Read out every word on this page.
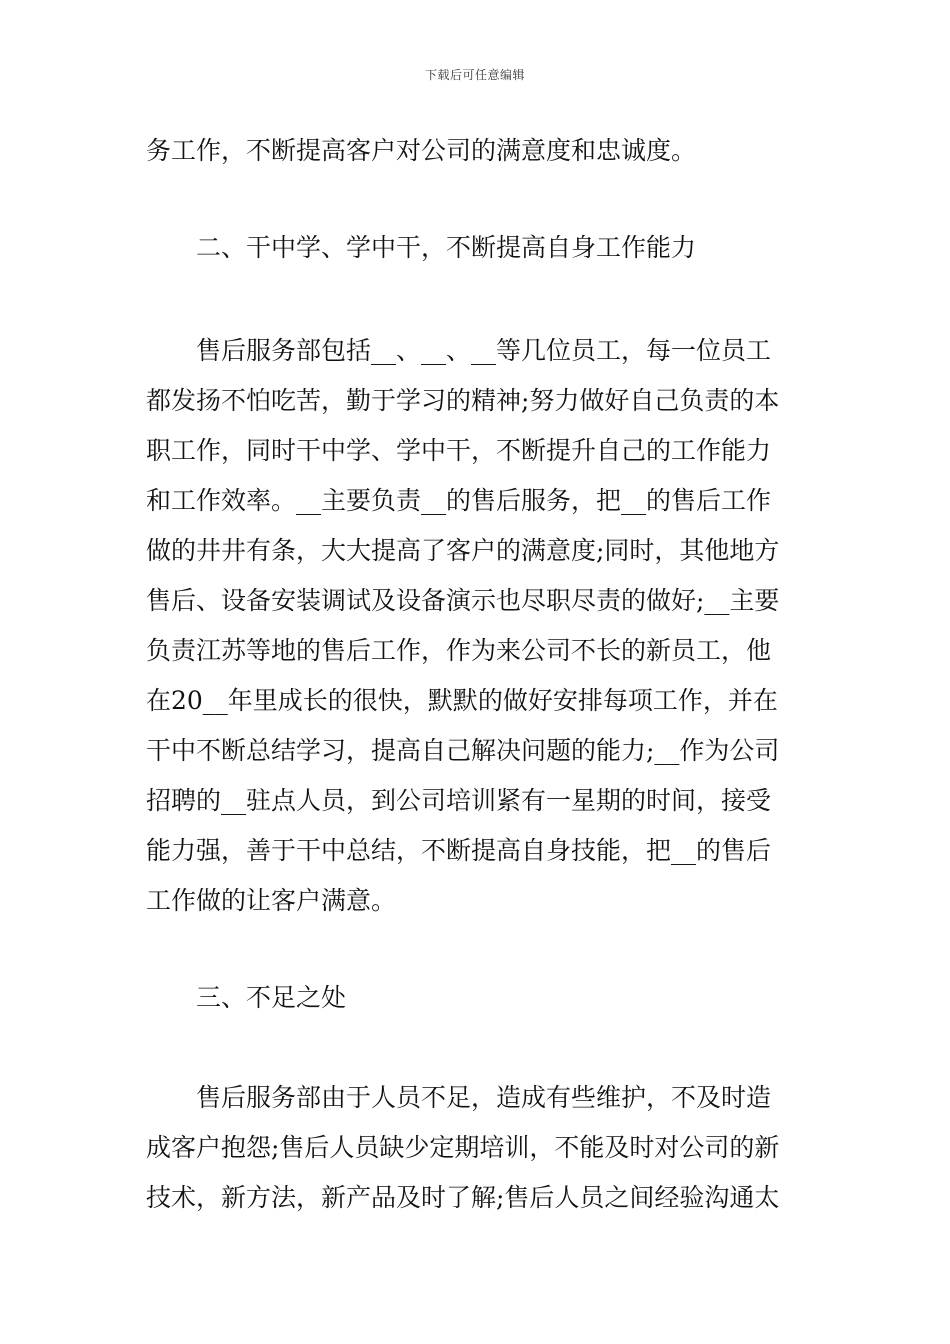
下载后可任意编辑
务工作，不断提高客户对公司的满意度和忠诚度。
二、干中学、学中干，不断提高自身工作能力
售后服务部包括__、__、__等几位员工，每一位员工
都发扬不怕吃苦，勤于学习的精神;努力做好自己负责的本
职工作，同时干中学、学中干，不断提升自己的工作能力
和工作效率。__主要负责__的售后服务，把__的售后工作
做的井井有条，大大提高了客户的满意度;同时，其他地方
售后、设备安装调试及设备演示也尽职尽责的做好;__主要
负责江苏等地的售后工作，作为来公司不长的新员工，他
在20__年里成长的很快，默默的做好安排每项工作，并在
干中不断总结学习，提高自己解决问题的能力;__作为公司
招聘的__驻点人员，到公司培训紧有一星期的时间，接受
能力强，善于干中总结，不断提高自身技能，把__的售后
工作做的让客户满意。
三、不足之处
售后服务部由于人员不足，造成有些维护，不及时造
成客户抱怨;售后人员缺少定期培训，不能及时对公司的新
技术，新方法，新产品及时了解;售后人员之间经验沟通太
